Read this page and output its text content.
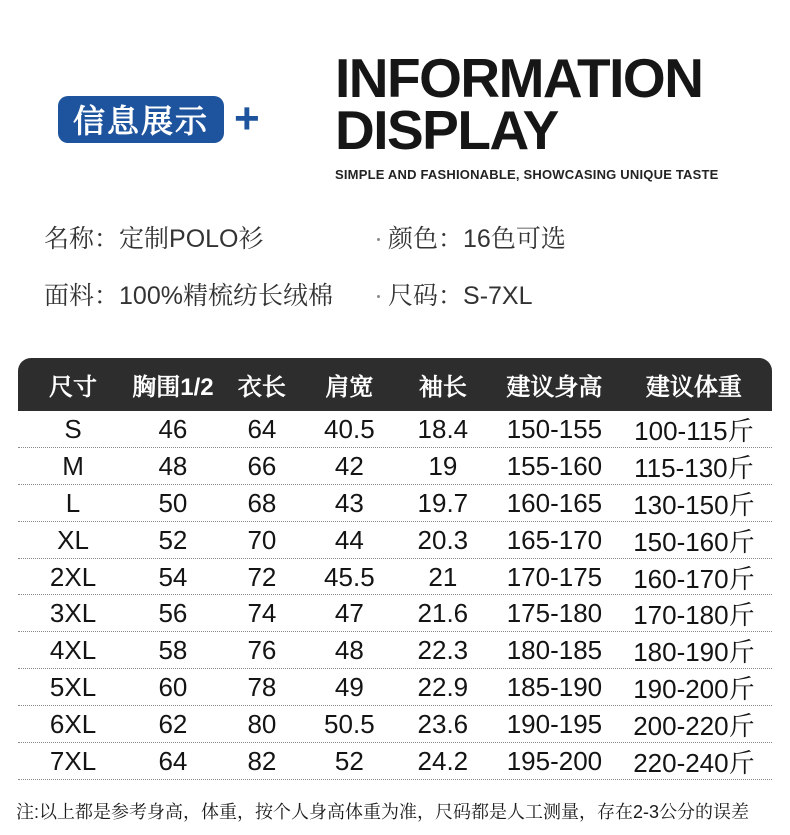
信息展示 +
INFORMATION
DISPLAY
SIMPLE AND FASHIONABLE, SHOWCASING UNIQUE TASTE
名称：定制POLO衫	颜色：16色可选
面料：100%精梳纺长绒棉 尺码：S-7XL
尺寸	胸围1/2	衣长	肩宽	袖长	建议身高	建议体重
S	46	64	40.5	18.4	150-155	100-115斤
M	48	66	42	19	155-160	115-130斤
L	50	68	43	19.7	160-165	130-150斤
XL	52	70	44	20.3	165-170	150-160斤
2XL	54	72	45.5	21	170-175	160-170斤
3XL	56	74	47	21.6	175-180	170-180斤
4XL	58	76	48	22.3	180-185	180-190斤
5XL	60	78	49	22.9	185-190	190-200斤
6XL	62	80	50.5	23.6	190-195	200-220斤
7XL	64	82	52	24.2	195-200	220-240斤
注:以上都是参考身高，体重，按个人身高体重为准，尺码都是人工测量，存在2-3公分的误差
